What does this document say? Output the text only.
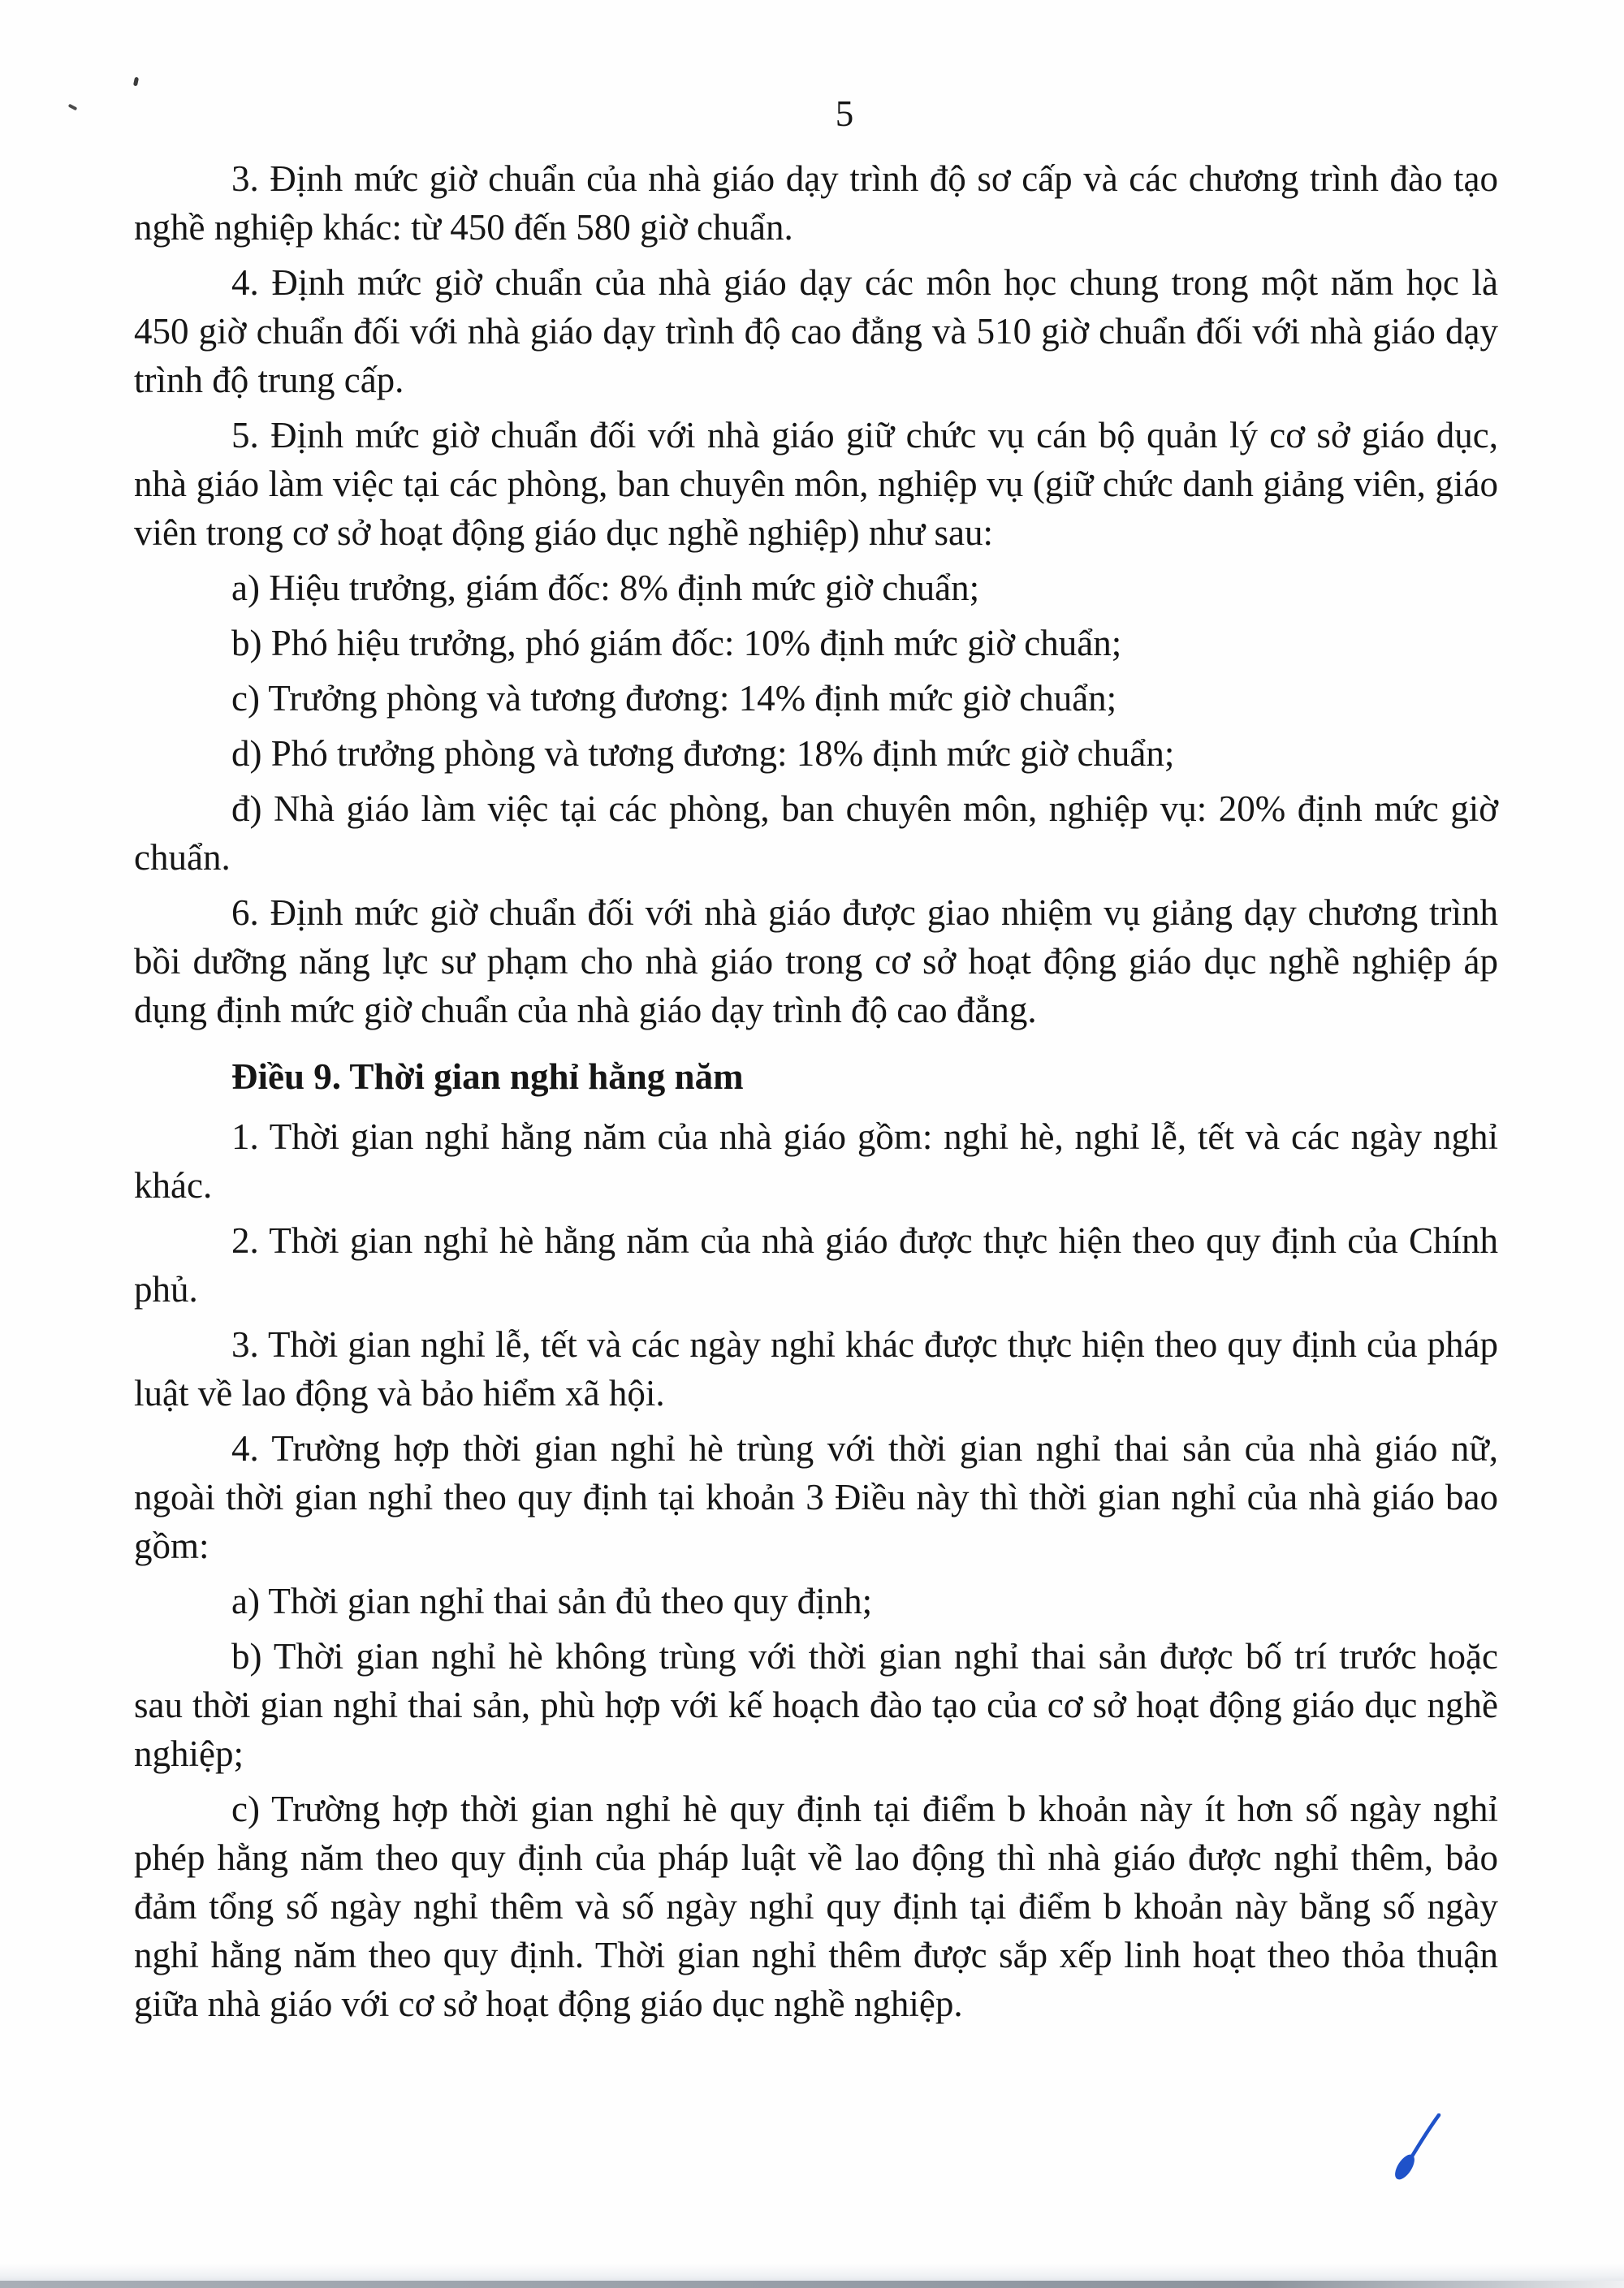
5

3. Định mức giờ chuẩn của nhà giáo dạy trình độ sơ cấp và các chương trình đào tạo nghề nghiệp khác: từ 450 đến 580 giờ chuẩn.

4. Định mức giờ chuẩn của nhà giáo dạy các môn học chung trong một năm học là 450 giờ chuẩn đối với nhà giáo dạy trình độ cao đẳng và 510 giờ chuẩn đối với nhà giáo dạy trình độ trung cấp.

5. Định mức giờ chuẩn đối với nhà giáo giữ chức vụ cán bộ quản lý cơ sở giáo dục, nhà giáo làm việc tại các phòng, ban chuyên môn, nghiệp vụ (giữ chức danh giảng viên, giáo viên trong cơ sở hoạt động giáo dục nghề nghiệp) như sau:

a) Hiệu trưởng, giám đốc: 8% định mức giờ chuẩn;

b) Phó hiệu trưởng, phó giám đốc: 10% định mức giờ chuẩn;

c) Trưởng phòng và tương đương: 14% định mức giờ chuẩn;

d) Phó trưởng phòng và tương đương: 18% định mức giờ chuẩn;

đ) Nhà giáo làm việc tại các phòng, ban chuyên môn, nghiệp vụ: 20% định mức giờ chuẩn.

6. Định mức giờ chuẩn đối với nhà giáo được giao nhiệm vụ giảng dạy chương trình bồi dưỡng năng lực sư phạm cho nhà giáo trong cơ sở hoạt động giáo dục nghề nghiệp áp dụng định mức giờ chuẩn của nhà giáo dạy trình độ cao đẳng.

Điều 9. Thời gian nghỉ hằng năm

1. Thời gian nghỉ hằng năm của nhà giáo gồm: nghỉ hè, nghỉ lễ, tết và các ngày nghỉ khác.

2. Thời gian nghỉ hè hằng năm của nhà giáo được thực hiện theo quy định của Chính phủ.

3. Thời gian nghỉ lễ, tết và các ngày nghỉ khác được thực hiện theo quy định của pháp luật về lao động và bảo hiểm xã hội.

4. Trường hợp thời gian nghỉ hè trùng với thời gian nghỉ thai sản của nhà giáo nữ, ngoài thời gian nghỉ theo quy định tại khoản 3 Điều này thì thời gian nghỉ của nhà giáo bao gồm:

a) Thời gian nghỉ thai sản đủ theo quy định;

b) Thời gian nghỉ hè không trùng với thời gian nghỉ thai sản được bố trí trước hoặc sau thời gian nghỉ thai sản, phù hợp với kế hoạch đào tạo của cơ sở hoạt động giáo dục nghề nghiệp;

c) Trường hợp thời gian nghỉ hè quy định tại điểm b khoản này ít hơn số ngày nghỉ phép hằng năm theo quy định của pháp luật về lao động thì nhà giáo được nghỉ thêm, bảo đảm tổng số ngày nghỉ thêm và số ngày nghỉ quy định tại điểm b khoản này bằng số ngày nghỉ hằng năm theo quy định. Thời gian nghỉ thêm được sắp xếp linh hoạt theo thỏa thuận giữa nhà giáo với cơ sở hoạt động giáo dục nghề nghiệp.
